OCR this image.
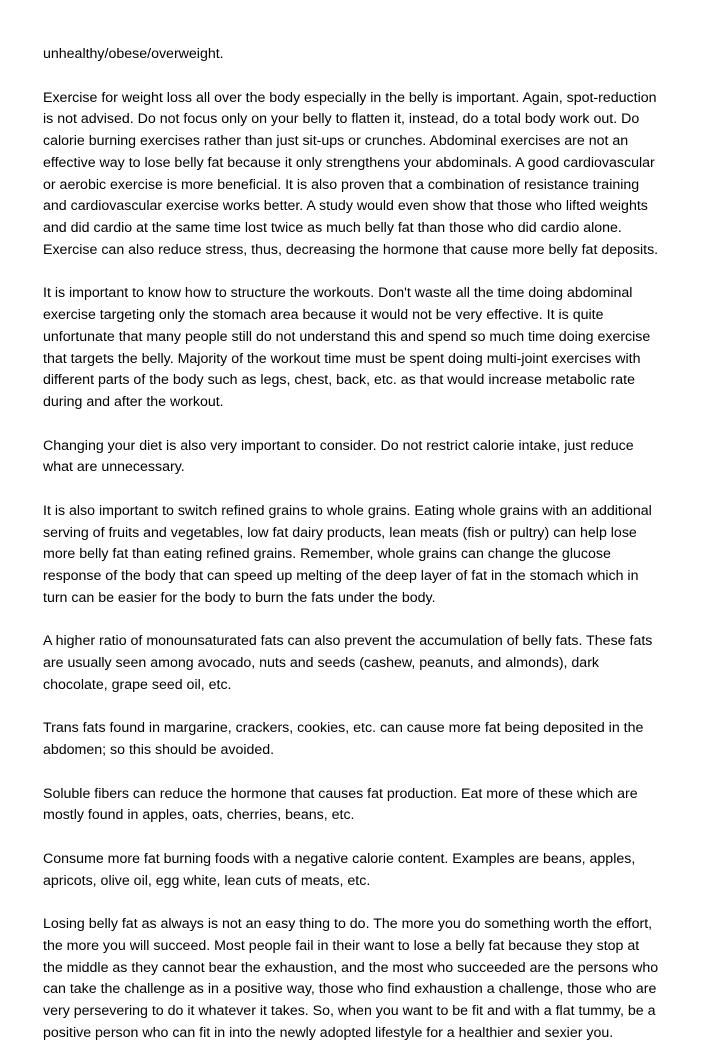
unhealthy/obese/overweight.

Exercise for weight loss all over the body especially in the belly is important. Again, spot-reduction
is not advised. Do not focus only on your belly to flatten it, instead, do a total body work out. Do
calorie burning exercises rather than just sit-ups or crunches. Abdominal exercises are not an
effective way to lose belly fat because it only strengthens your abdominals. A good cardiovascular
or aerobic exercise is more beneficial. It is also proven that a combination of resistance training
and cardiovascular exercise works better. A study would even show that those who lifted weights
and did cardio at the same time lost twice as much belly fat than those who did cardio alone.
Exercise can also reduce stress, thus, decreasing the hormone that cause more belly fat deposits.

It is important to know how to structure the workouts. Don't waste all the time doing abdominal
exercise targeting only the stomach area because it would not be very effective. It is quite
unfortunate that many people still do not understand this and spend so much time doing exercise
that targets the belly. Majority of the workout time must be spent doing multi-joint exercises with
different parts of the body such as legs, chest, back, etc. as that would increase metabolic rate
during and after the workout.

Changing your diet is also very important to consider. Do not restrict calorie intake, just reduce
what are unnecessary.

It is also important to switch refined grains to whole grains. Eating whole grains with an additional
serving of fruits and vegetables, low fat dairy products, lean meats (fish or pultry) can help lose
more belly fat than eating refined grains. Remember, whole grains can change the glucose
response of the body that can speed up melting of the deep layer of fat in the stomach which in
turn can be easier for the body to burn the fats under the body.

A higher ratio of monounsaturated fats can also prevent the accumulation of belly fats. These fats
are usually seen among avocado, nuts and seeds (cashew, peanuts, and almonds), dark
chocolate, grape seed oil, etc.

Trans fats found in margarine, crackers, cookies, etc. can cause more fat being deposited in the
abdomen; so this should be avoided.

Soluble fibers can reduce the hormone that causes fat production. Eat more of these which are
mostly found in apples, oats, cherries, beans, etc.

Consume more fat burning foods with a negative calorie content. Examples are beans, apples,
apricots, olive oil, egg white, lean cuts of meats, etc.

Losing belly fat as always is not an easy thing to do. The more you do something worth the effort,
the more you will succeed. Most people fail in their want to lose a belly fat because they stop at
the middle as they cannot bear the exhaustion, and the most who succeeded are the persons who
can take the challenge as in a positive way, those who find exhaustion a challenge, those who are
very persevering to do it whatever it takes. So, when you want to be fit and with a flat tummy, be a
positive person who can fit in into the newly adopted lifestyle for a healthier and sexier you.
